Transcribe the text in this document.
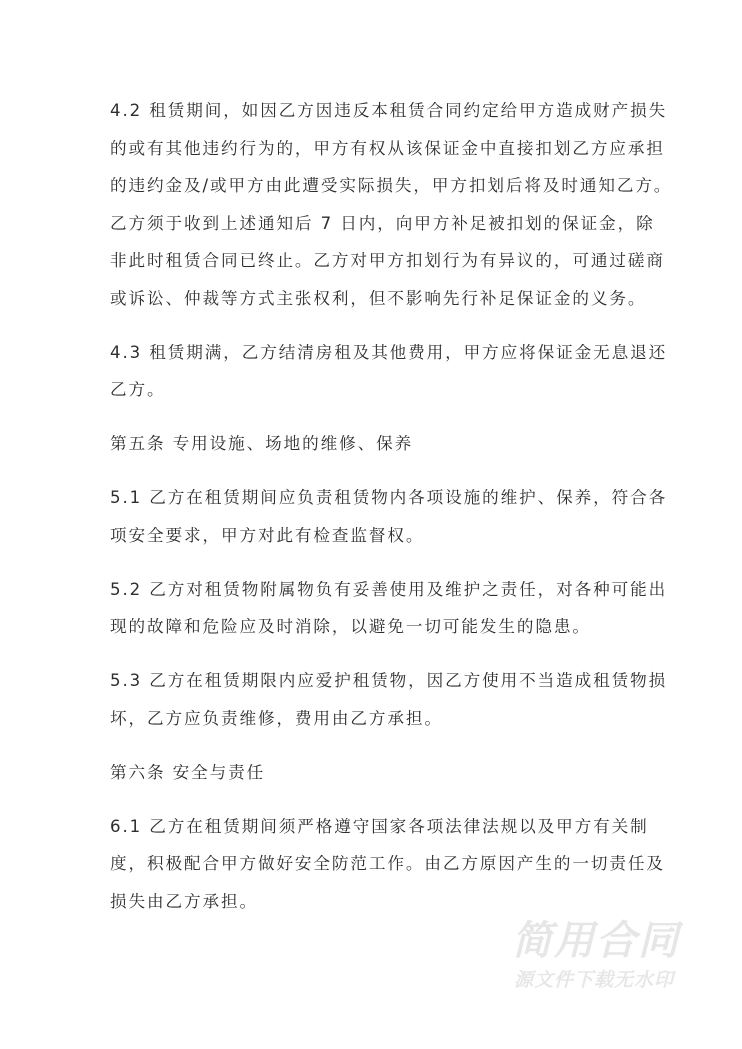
4.2 租赁期间，如因乙方因违反本租赁合同约定给甲方造成财产损失
的或有其他违约行为的，甲方有权从该保证金中直接扣划乙方应承担
的违约金及/或甲方由此遭受实际损失，甲方扣划后将及时通知乙方。
乙方须于收到上述通知后 7 日内，向甲方补足被扣划的保证金，除
非此时租赁合同已终止。乙方对甲方扣划行为有异议的，可通过磋商
或诉讼、仲裁等方式主张权利，但不影响先行补足保证金的义务。

4.3 租赁期满，乙方结清房租及其他费用，甲方应将保证金无息退还
乙方。

第五条 专用设施、场地的维修、保养

5.1 乙方在租赁期间应负责租赁物内各项设施的维护、保养，符合各
项安全要求，甲方对此有检查监督权。

5.2 乙方对租赁物附属物负有妥善使用及维护之责任，对各种可能出
现的故障和危险应及时消除，以避免一切可能发生的隐患。

5.3 乙方在租赁期限内应爱护租赁物，因乙方使用不当造成租赁物损
坏，乙方应负责维修，费用由乙方承担。

第六条 安全与责任

6.1 乙方在租赁期间须严格遵守国家各项法律法规以及甲方有关制
度，积极配合甲方做好安全防范工作。由乙方原因产生的一切责任及
损失由乙方承担。

简用合同
源文件下载无水印
